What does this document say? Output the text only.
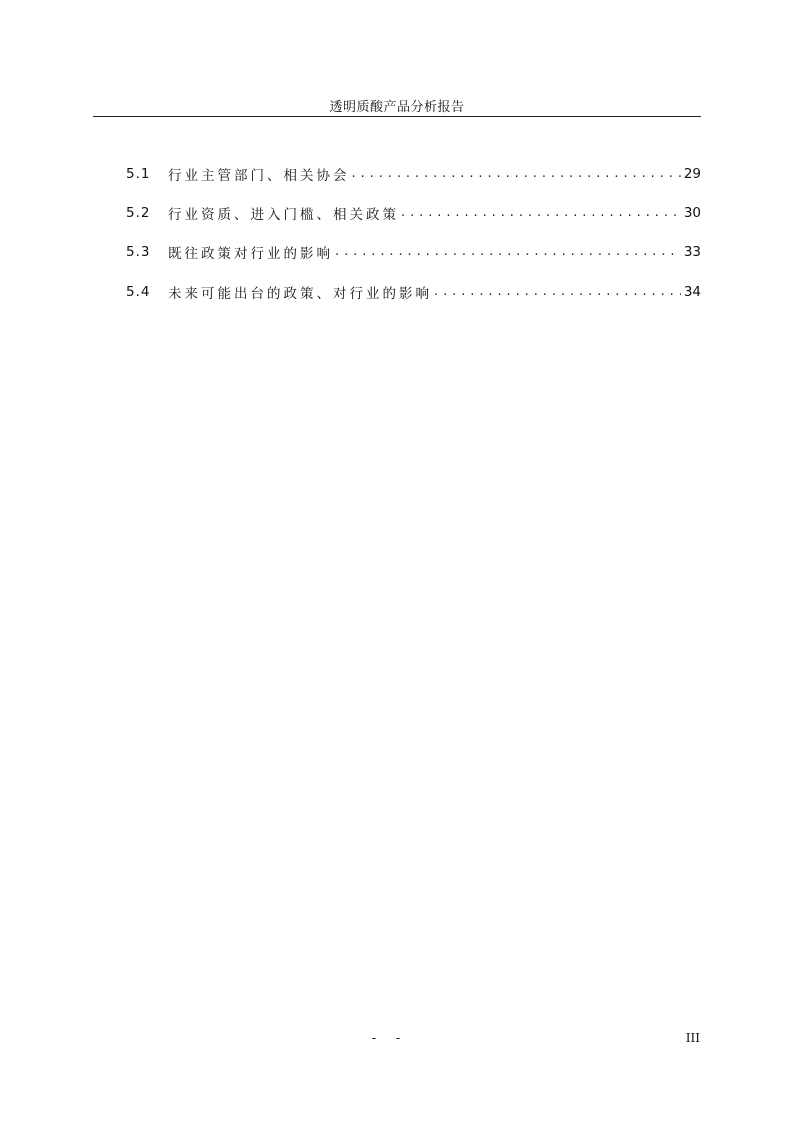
透明质酸产品分析报告
5.1	行业主管部门、相关协会 . . .	29
5.2	行业资质、进入门槛、相关政策 . . .	30
5.3	既往政策对行业的影响 . . .	33
5.4	未来可能出台的政策、对行业的影响 . . .	34
- -	III
